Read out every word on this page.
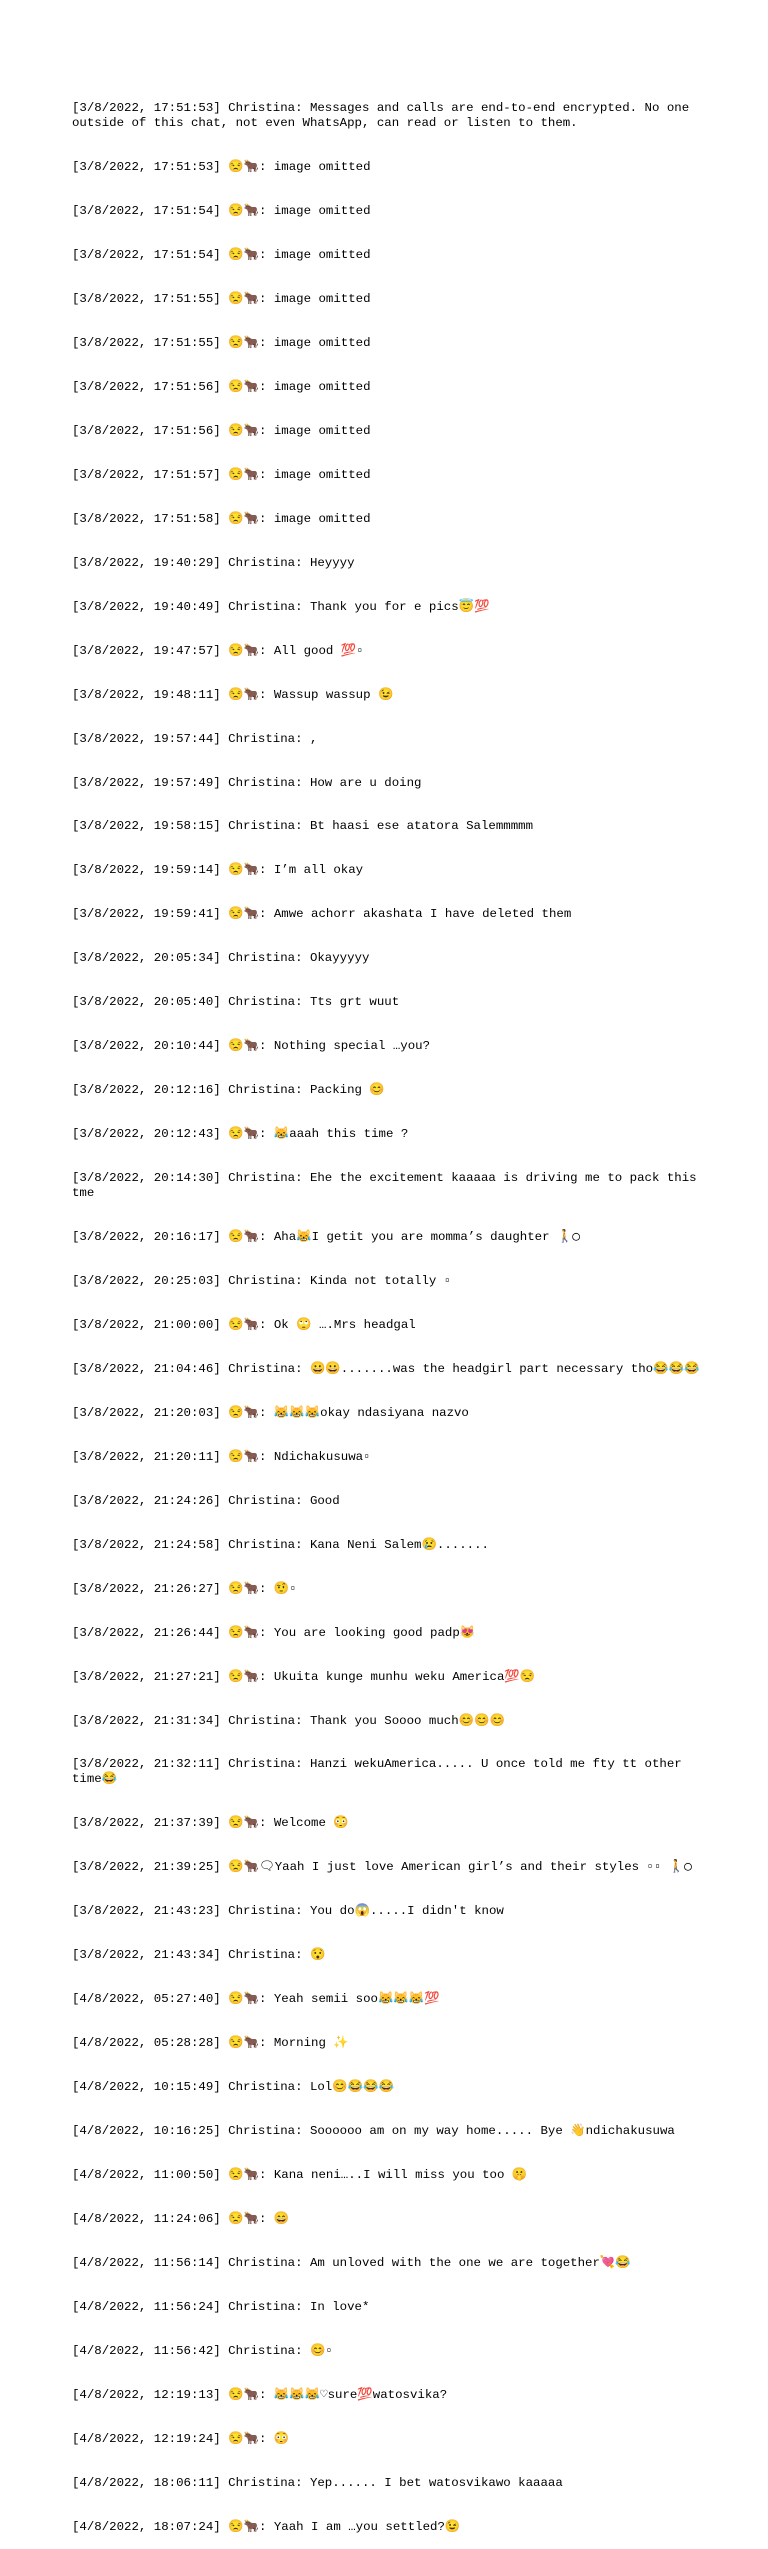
[3/8/2022, 17:51:53] Christina: Messages and calls are end-to-end encrypted. No one outside of this chat, not even WhatsApp, can read or listen to them.

[3/8/2022, 17:51:53] 😒🐂: image omitted

[3/8/2022, 17:51:54] 😒🐂: image omitted

[3/8/2022, 17:51:54] 😒🐂: image omitted

[3/8/2022, 17:51:55] 😒🐂: image omitted

[3/8/2022, 17:51:55] 😒🐂: image omitted

[3/8/2022, 17:51:56] 😒🐂: image omitted

[3/8/2022, 17:51:56] 😒🐂: image omitted

[3/8/2022, 17:51:57] 😒🐂: image omitted

[3/8/2022, 17:51:58] 😒🐂: image omitted

[3/8/2022, 19:40:29] Christina: Heyyyy

[3/8/2022, 19:40:49] Christina: Thank you for e pics😇💯

[3/8/2022, 19:47:57] 😒🐂: All good 💯▫

[3/8/2022, 19:48:11] 😒🐂: Wassup wassup 😉

[3/8/2022, 19:57:44] Christina: ,

[3/8/2022, 19:57:49] Christina: How are u doing

[3/8/2022, 19:58:15] Christina: Bt haasi ese atatora Salemmmmm

[3/8/2022, 19:59:14] 😒🐂: I’m all okay

[3/8/2022, 19:59:41] 😒🐂: Amwe achorr akashata I have deleted them

[3/8/2022, 20:05:34] Christina: Okayyyyy

[3/8/2022, 20:05:40] Christina: Tts grt wuut

[3/8/2022, 20:10:44] 😒🐂: Nothing special …you?

[3/8/2022, 20:12:16] Christina: Packing 😊

[3/8/2022, 20:12:43] 😒🐂: 😹aaah this time ?

[3/8/2022, 20:14:30] Christina: Ehe the excitement kaaaaa is driving me to pack this tme

[3/8/2022, 20:16:17] 😒🐂: Aha😹I getit you are momma’s daughter 🚶◯

[3/8/2022, 20:25:03] Christina: Kinda not totally ▫

[3/8/2022, 21:00:00] 😒🐂: Ok 🙄 ….Mrs headgal

[3/8/2022, 21:04:46] Christina: 😀😀.......was the headgirl part necessary tho😂😂😂

[3/8/2022, 21:20:03] 😒🐂: 😹😹😹okay ndasiyana nazvo

[3/8/2022, 21:20:11] 😒🐂: Ndichakusuwa▫

[3/8/2022, 21:24:26] Christina: Good

[3/8/2022, 21:24:58] Christina: Kana Neni Salem😢.......

[3/8/2022, 21:26:27] 😒🐂: 🤨▫

[3/8/2022, 21:26:44] 😒🐂: You are looking good padp😻

[3/8/2022, 21:27:21] 😒🐂: Ukuita kunge munhu weku America💯😒

[3/8/2022, 21:31:34] Christina: Thank you Soooo much😊😊😊

[3/8/2022, 21:32:11] Christina: Hanzi wekuAmerica..... U once told me fty tt other time😂

[3/8/2022, 21:37:39] 😒🐂: Welcome 😳

[3/8/2022, 21:39:25] 😒🐂🗨Yaah I just love American girl’s and their styles ▫▫ 🚶◯

[3/8/2022, 21:43:23] Christina: You do😱.....I didn't know

[3/8/2022, 21:43:34] Christina: 😯

[4/8/2022, 05:27:40] 😒🐂: Yeah semii soo😹😹😹💯

[4/8/2022, 05:28:28] 😒🐂: Morning ✨

[4/8/2022, 10:15:49] Christina: Lol😊😂😂😂

[4/8/2022, 10:16:25] Christina: Soooooo am on my way home..... Bye 👋ndichakusuwa

[4/8/2022, 11:00:50] 😒🐂: Kana neni…..I will miss you too 🤫

[4/8/2022, 11:24:06] 😒🐂: 😄

[4/8/2022, 11:56:14] Christina: Am unloved with the one we are together💘😂

[4/8/2022, 11:56:24] Christina: In love*

[4/8/2022, 11:56:42] Christina: 😊▫

[4/8/2022, 12:19:13] 😒🐂: 😹😹😹♡sure💯watosvika?

[4/8/2022, 12:19:24] 😒🐂: 😳

[4/8/2022, 18:06:11] Christina: Yep...... I bet watosvikawo kaaaaa

[4/8/2022, 18:07:24] 😒🐂: Yaah I am …you settled?😉
